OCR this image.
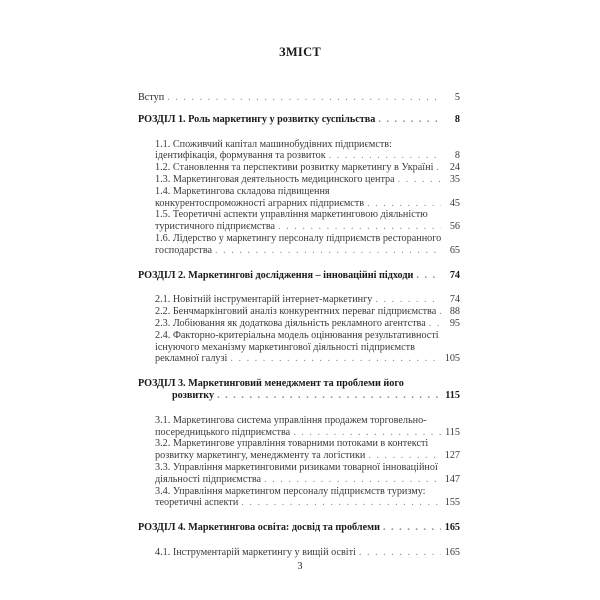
ЗМІСТ
Вступ . . .	5
РОЗДІЛ 1. Роль маркетингу у розвитку суспільства . . .	8
1.1. Споживчий капітал машинобудівних підприємств:
ідентифікація, формування та розвиток . . .	8
1.2. Становлення та перспективи розвитку маркетингу в Україні . . .	24
1.3. Маркетинговая деятельность медицинского центра . . .	35
1.4. Маркетингова складова підвищення
конкурентоспроможності аграрних підприємств . . .	45
1.5. Теоретичні аспекти управління маркетинговою діяльністю
туристичного підприємства . . .	56
1.6. Лідерство у маркетингу персоналу підприємств ресторанного
господарства . . .	65
РОЗДІЛ 2. Маркетингові дослідження – інноваційні підходи . . .	74
2.1. Новітній інструментарій інтернет-маркетингу . . .	74
2.2. Бенчмаркінговий аналіз конкурентних переваг підприємства . . .	88
2.3. Лобіювання як додаткова діяльність рекламного агентства . . .	95
2.4. Факторно-критеріальна модель оцінювання результативності
існуючого механізму маркетингової діяльності підприємств
рекламної галузі . . .	105
РОЗДІЛ 3. Маркетинговий менеджмент та проблеми його
розвитку . . .	115
3.1. Маркетингова система управління продажем торговельно-
посередницького підприємства . . .	115
3.2. Маркетингове управління товарними потоками в контексті
розвитку маркетингу, менеджменту та логістики . . .	127
3.3. Управління маркетинговими ризиками товарної інноваційної
діяльності підприємства . . .	147
3.4. Управління маркетингом персоналу підприємств туризму:
теоретичні аспекти . . .	155
РОЗДІЛ 4. Маркетингова освіта: досвід та проблеми . . .	165
4.1. Інструментарій маркетингу у вищій освіті . . .	165
3
